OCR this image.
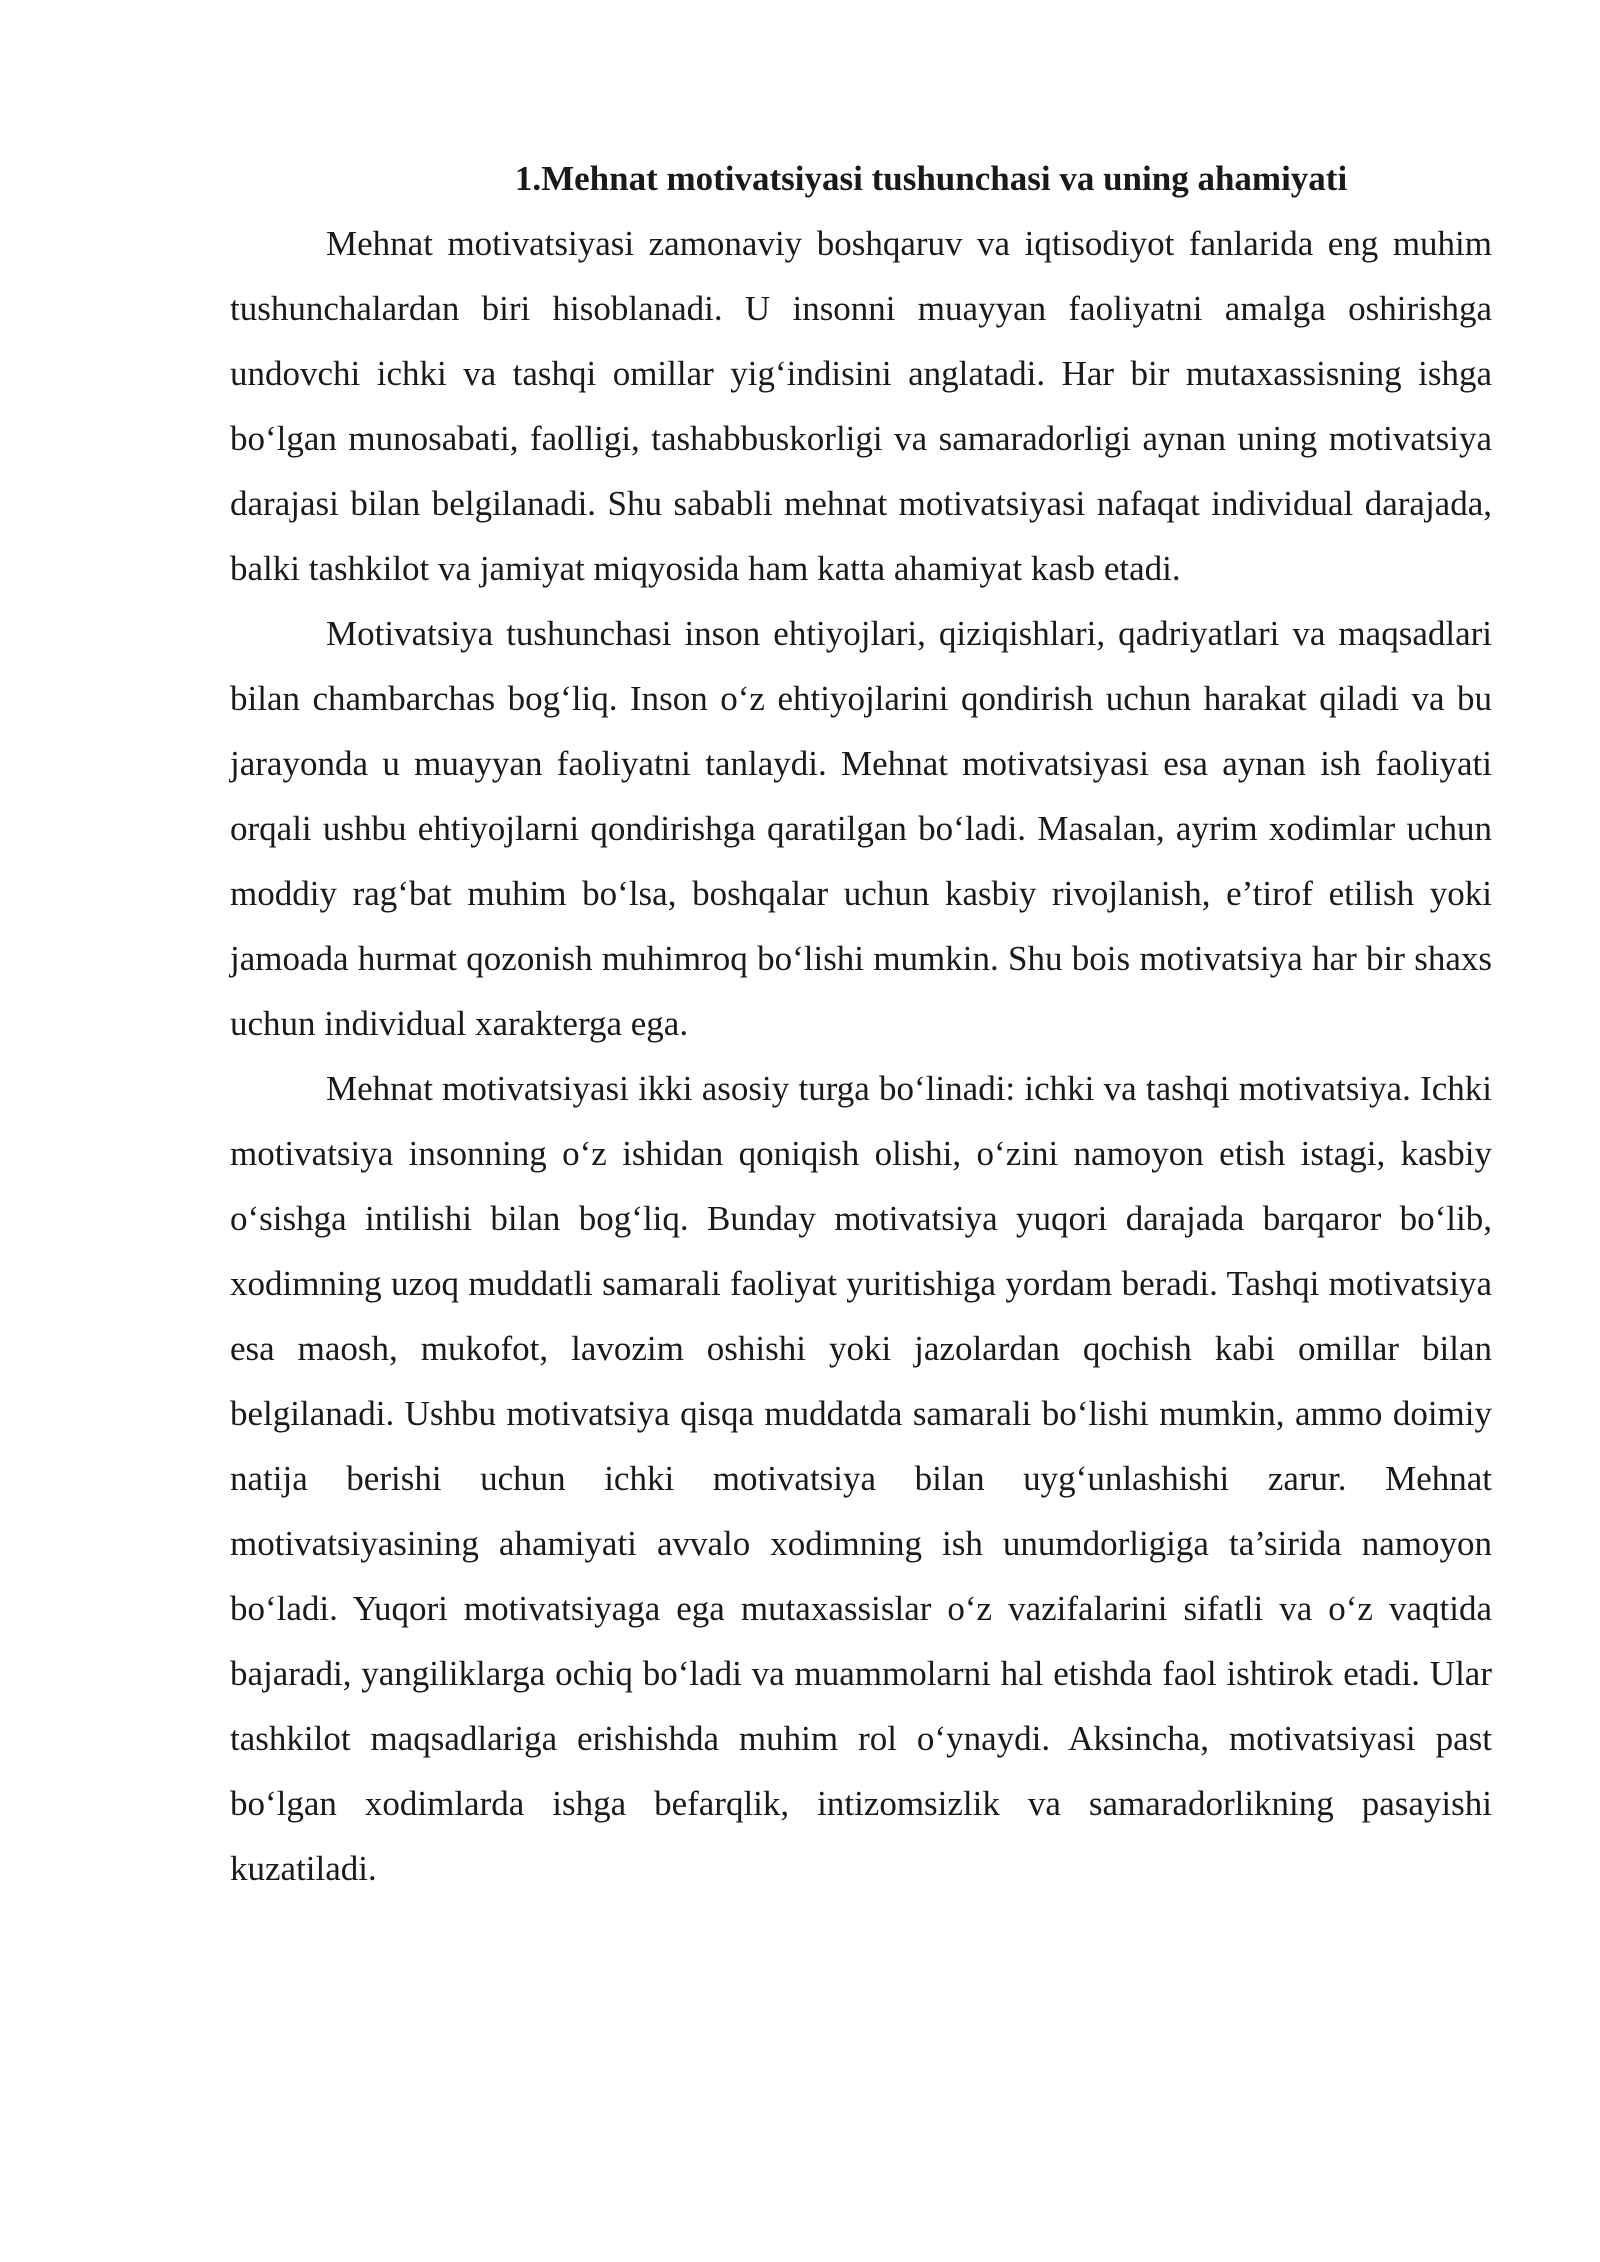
1.Mehnat motivatsiyasi tushunchasi va uning ahamiyati

Mehnat motivatsiyasi zamonaviy boshqaruv va iqtisodiyot fanlarida eng muhim tushunchalardan biri hisoblanadi. U insonni muayyan faoliyatni amalga oshirishga undovchi ichki va tashqi omillar yig‘indisini anglatadi. Har bir mutaxassisning ishga bo‘lgan munosabati, faolligi, tashabbuskorligi va samaradorligi aynan uning motivatsiya darajasi bilan belgilanadi. Shu sababli mehnat motivatsiyasi nafaqat individual darajada, balki tashkilot va jamiyat miqyosida ham katta ahamiyat kasb etadi.

Motivatsiya tushunchasi inson ehtiyojlari, qiziqishlari, qadriyatlari va maqsadlari bilan chambarchas bog‘liq. Inson o‘z ehtiyojlarini qondirish uchun harakat qiladi va bu jarayonda u muayyan faoliyatni tanlaydi. Mehnat motivatsiyasi esa aynan ish faoliyati orqali ushbu ehtiyojlarni qondirishga qaratilgan bo‘ladi. Masalan, ayrim xodimlar uchun moddiy rag‘bat muhim bo‘lsa, boshqalar uchun kasbiy rivojlanish, e’tirof etilish yoki jamoada hurmat qozonish muhimroq bo‘lishi mumkin. Shu bois motivatsiya har bir shaxs uchun individual xarakterga ega.

Mehnat motivatsiyasi ikki asosiy turga bo‘linadi: ichki va tashqi motivatsiya. Ichki motivatsiya insonning o‘z ishidan qoniqish olishi, o‘zini namoyon etish istagi, kasbiy o‘sishga intilishi bilan bog‘liq. Bunday motivatsiya yuqori darajada barqaror bo‘lib, xodimning uzoq muddatli samarali faoliyat yuritishiga yordam beradi. Tashqi motivatsiya esa maosh, mukofot, lavozim oshishi yoki jazolardan qochish kabi omillar bilan belgilanadi. Ushbu motivatsiya qisqa muddatda samarali bo‘lishi mumkin, ammo doimiy natija berishi uchun ichki motivatsiya bilan uyg‘unlashishi zarur. Mehnat motivatsiyasining ahamiyati avvalo xodimning ish unumdorligiga ta’sirida namoyon bo‘ladi. Yuqori motivatsiyaga ega mutaxassislar o‘z vazifalarini sifatli va o‘z vaqtida bajaradi, yangiliklarga ochiq bo‘ladi va muammolarni hal etishda faol ishtirok etadi. Ular tashkilot maqsadlariga erishishda muhim rol o‘ynaydi. Aksincha, motivatsiyasi past bo‘lgan xodimlarda ishga befarqlik, intizomsizlik va samaradorlikning pasayishi kuzatiladi.
